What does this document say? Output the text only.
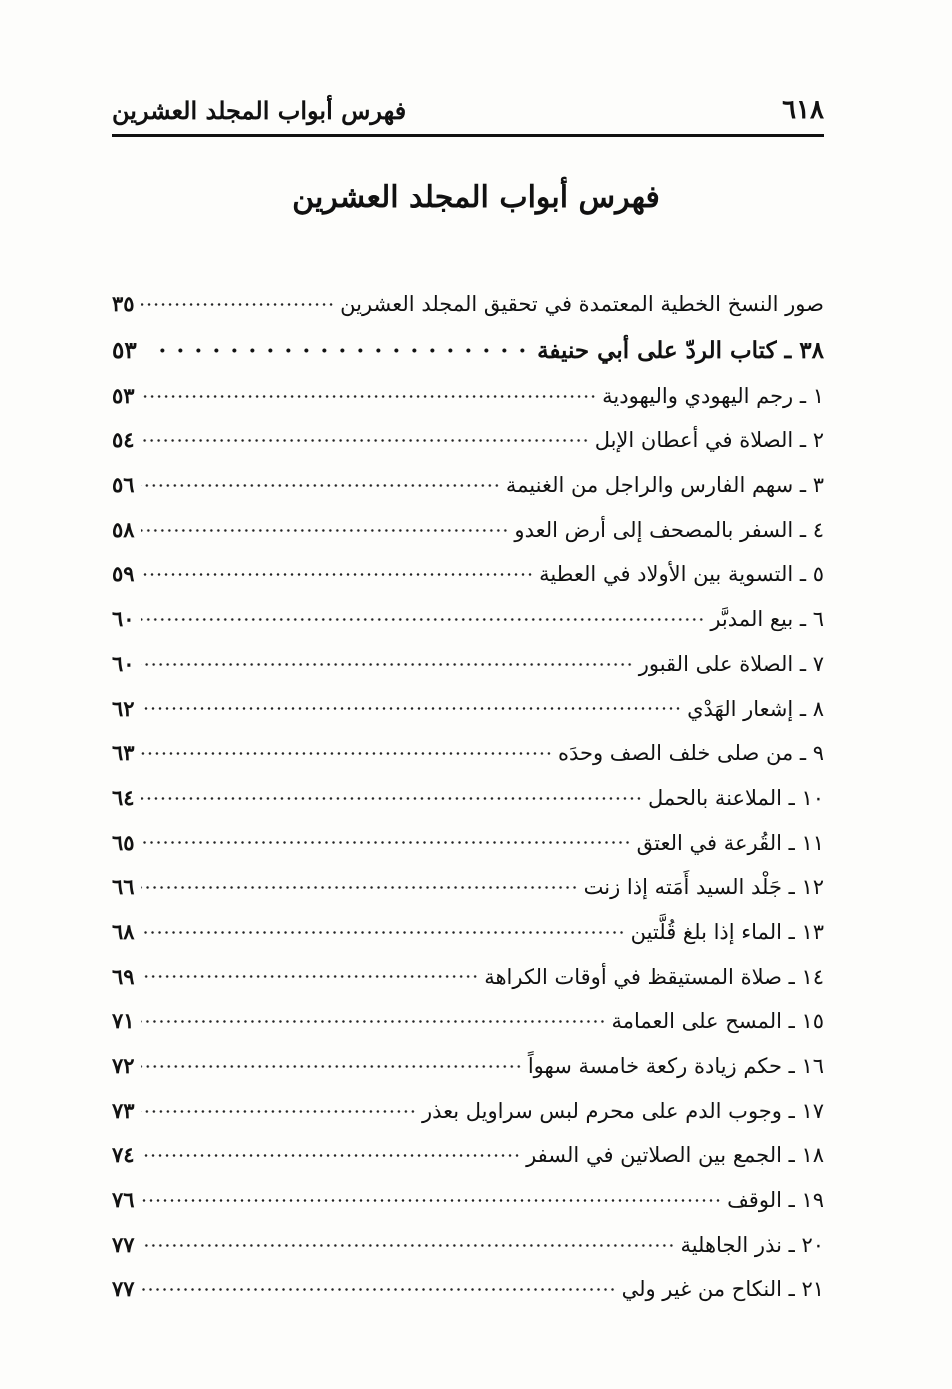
٦١٨
فهرس أبواب المجلد العشرين
فهرس أبواب المجلد العشرين
صور النسخ الخطية المعتمدة في تحقيق المجلد العشرين
٣٥
٣٨ ـ كتاب الردّ على أبي حنيفة
٥٣
١ ـ رجم اليهودي واليهودية
٥٣
٢ ـ الصلاة في أعطان الإبل
٥٤
٣ ـ سهم الفارس والراجل من الغنيمة
٥٦
٤ ـ السفر بالمصحف إلى أرض العدو
٥٨
٥ ـ التسوية بين الأولاد في العطية
٥٩
٦ ـ بيع المدبَّر
٦٠
٧ ـ الصلاة على القبور
٦٠
٨ ـ إشعار الهَدْي
٦٢
٩ ـ من صلى خلف الصف وحدَه
٦٣
١٠ ـ الملاعنة بالحمل
٦٤
١١ ـ القُرعة في العتق
٦٥
١٢ ـ جَلْد السيد أَمَته إذا زنت
٦٦
١٣ ـ الماء إذا بلغ قُلَّتين
٦٨
١٤ ـ صلاة المستيقظ في أوقات الكراهة
٦٩
١٥ ـ المسح على العمامة
٧١
١٦ ـ حكم زيادة ركعة خامسة سهواً
٧٢
١٧ ـ وجوب الدم على محرم لبس سراويل بعذر
٧٣
١٨ ـ الجمع بين الصلاتين في السفر
٧٤
١٩ ـ الوقف
٧٦
٢٠ ـ نذر الجاهلية
٧٧
٢١ ـ النكاح من غير ولي
٧٧
